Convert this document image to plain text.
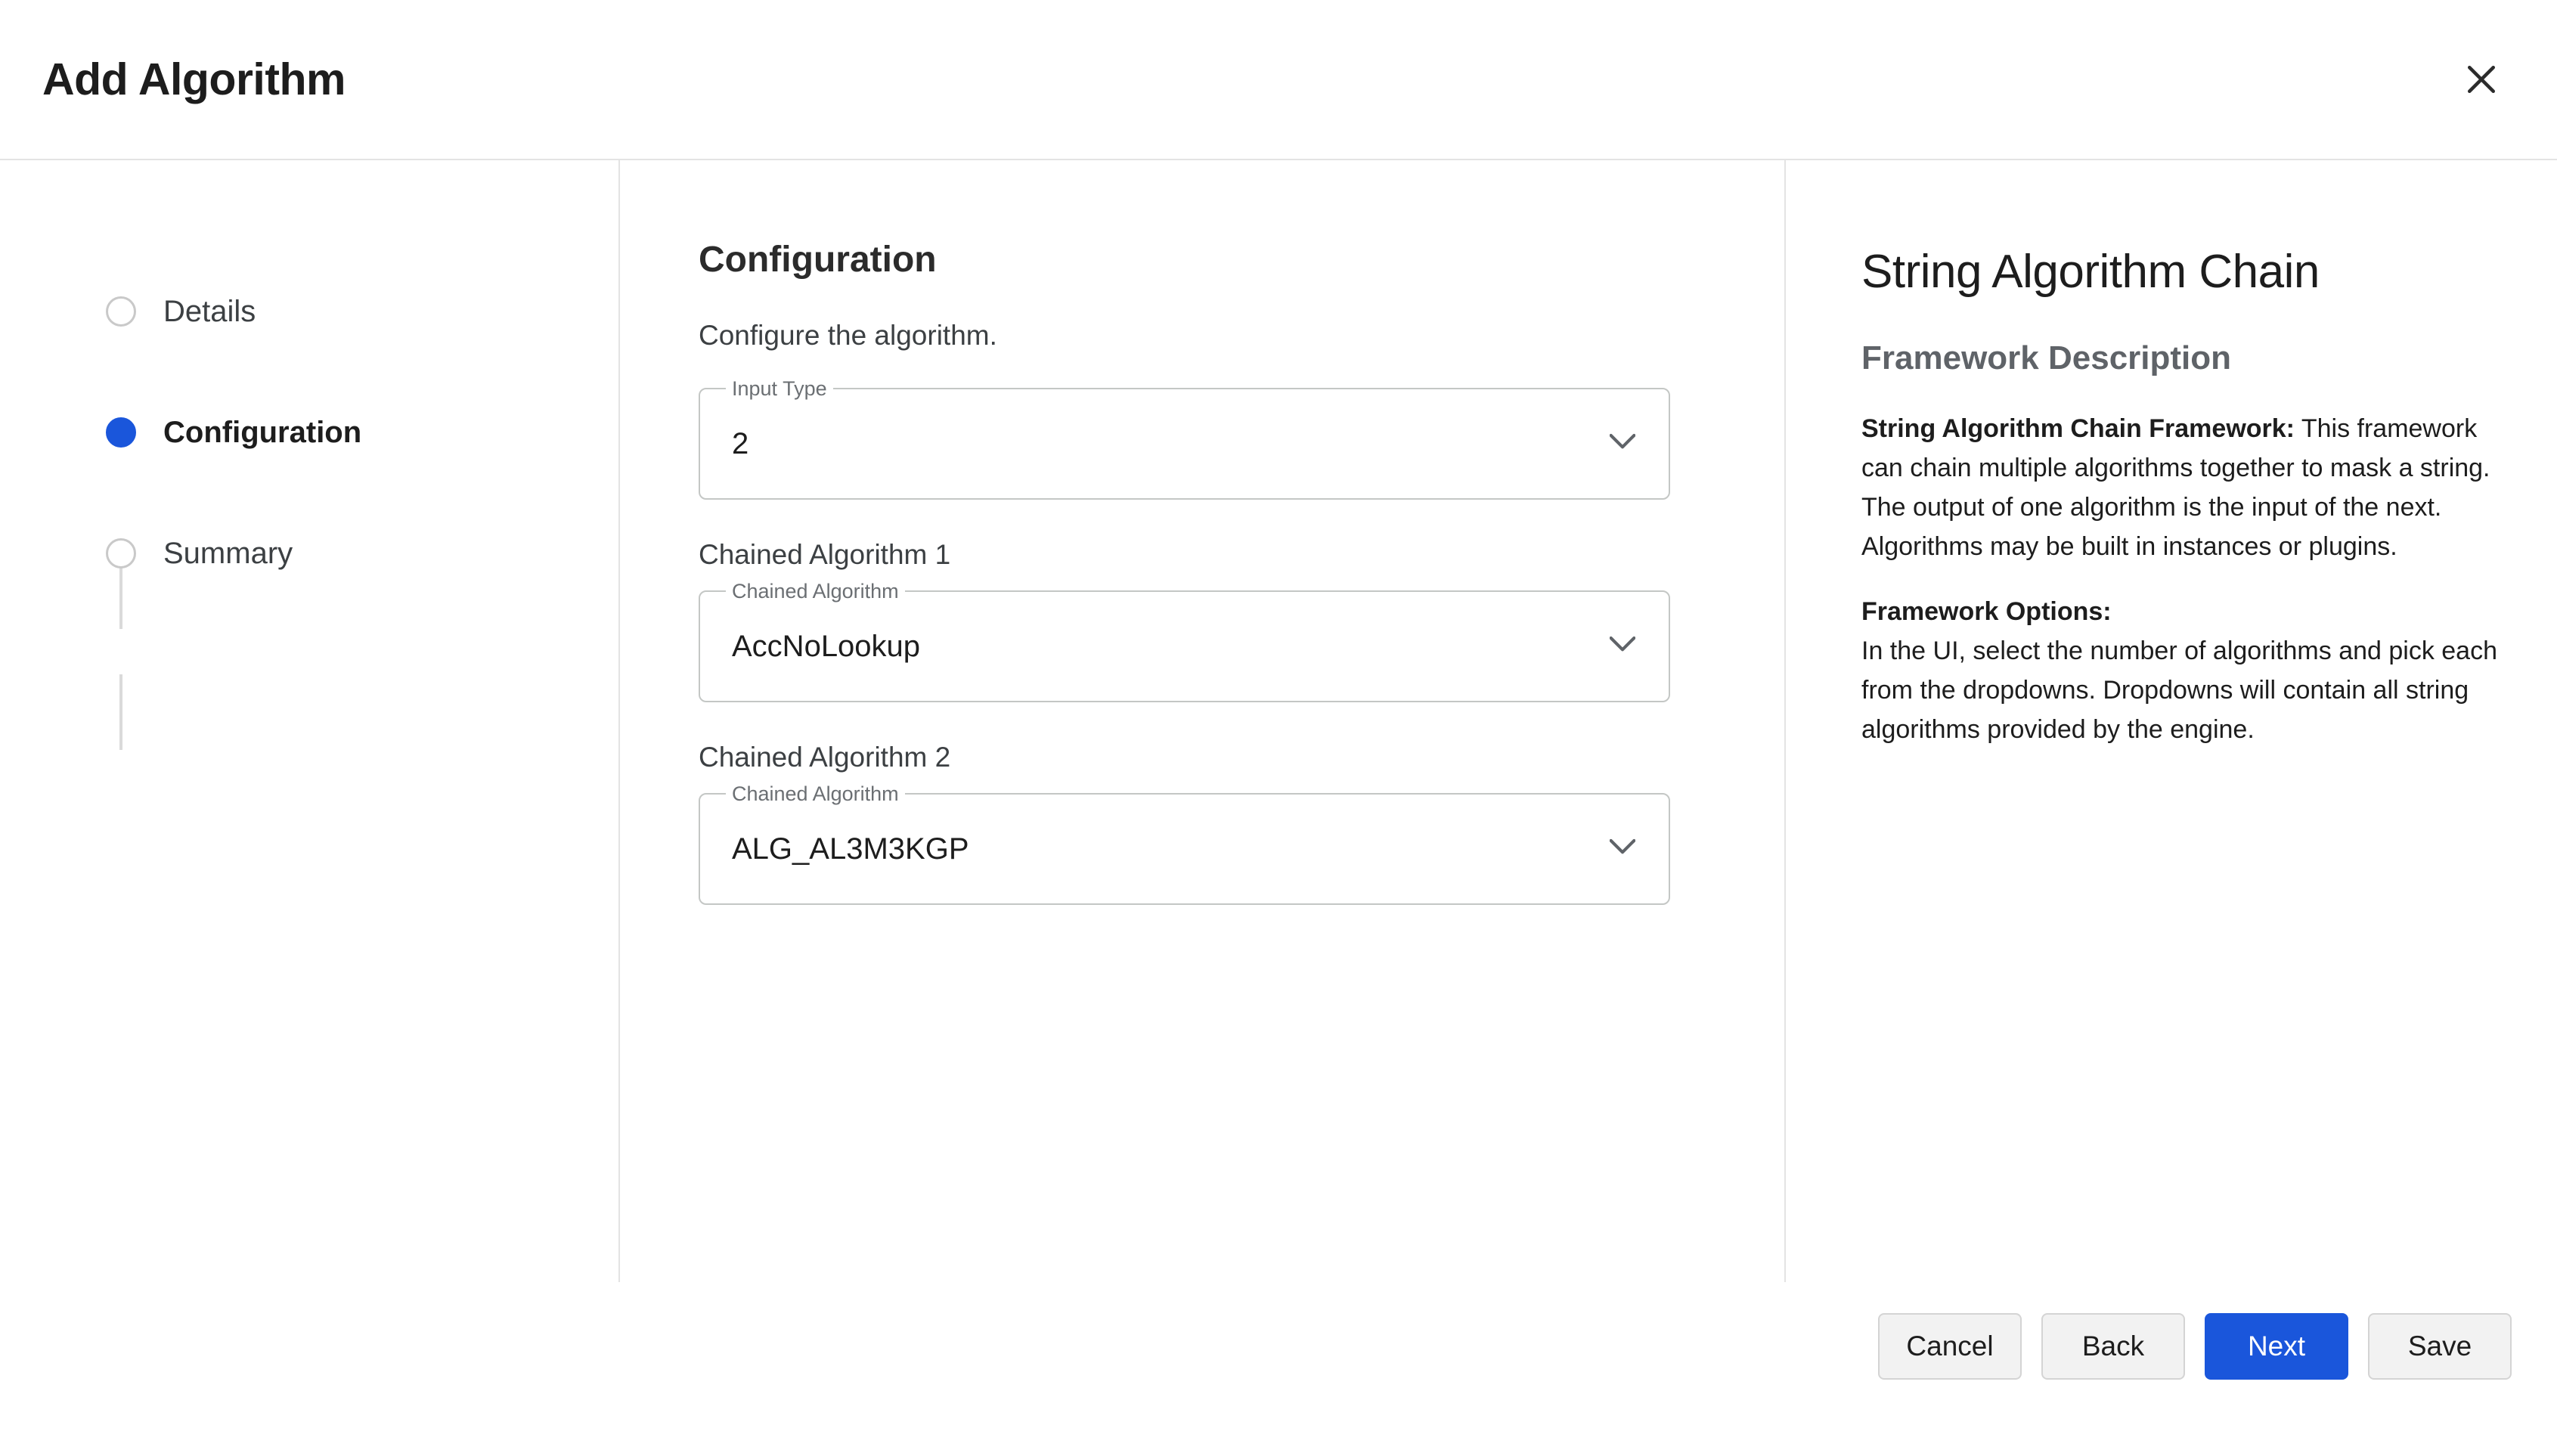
Add Algorithm
Details
Configuration
Summary
Configuration

Configure the algorithm.

Input Type
2
Chained Algorithm 1
Chained Algorithm
AccNoLookup
Chained Algorithm 2
Chained Algorithm
ALG_AL3M3KGP
String Algorithm Chain
Framework Description

String Algorithm Chain Framework: This framework can chain multiple algorithms together to mask a string. The output of one algorithm is the input of the next. Algorithms may be built in instances or plugins.

Framework Options:
In the UI, select the number of algorithms and pick each from the dropdowns. Dropdowns will contain all string algorithms provided by the engine.

Cancel	Back	Next	Save
